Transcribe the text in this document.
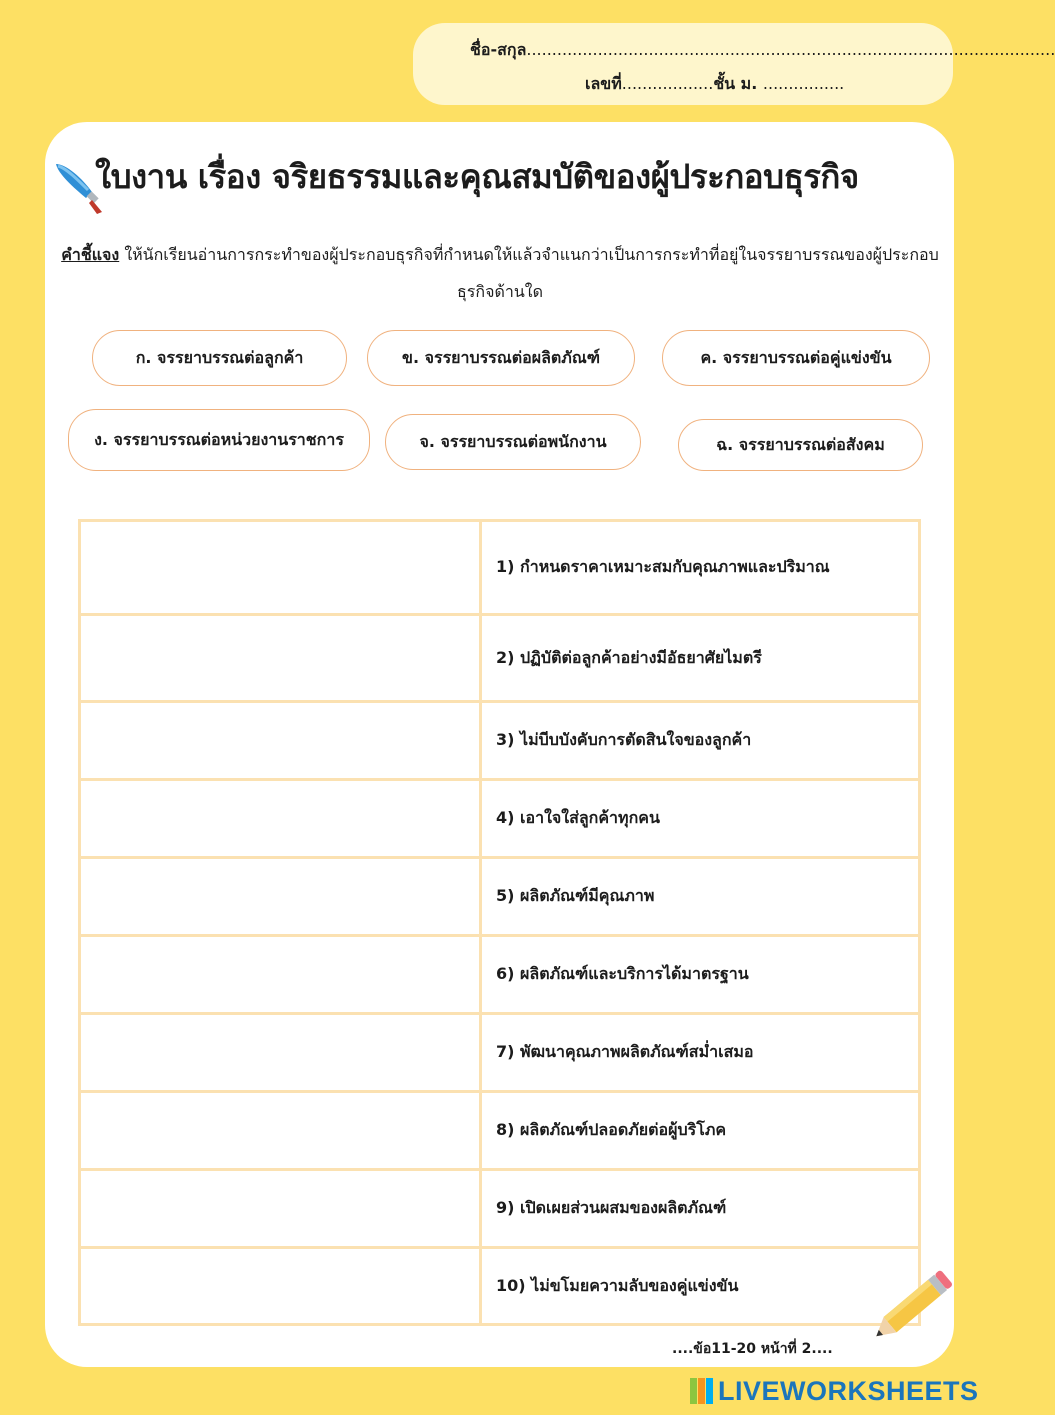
ชื่อ-สกุล........................................................................................................
เลขที่..................ชั้น ม. ................
ใบงาน เรื่อง จริยธรรมและคุณสมบัติของผู้ประกอบธุรกิจ
คำชี้แจง ให้นักเรียนอ่านการกระทำของผู้ประกอบธุรกิจที่กำหนดให้แล้วจำแนกว่าเป็นการกระทำที่อยู่ในจรรยาบรรณของผู้ประกอบธุรกิจด้านใด
ก. จรรยาบรรณต่อลูกค้า	ข. จรรยาบรรณต่อผลิตภัณฑ์	ค. จรรยาบรรณต่อคู่แข่งขัน
ง. จรรยาบรรณต่อหน่วยงานราชการ	จ. จรรยาบรรณต่อพนักงาน	ฉ. จรรยาบรรณต่อสังคม
	1) กำหนดราคาเหมาะสมกับคุณภาพและปริมาณ
	2) ปฏิบัติต่อลูกค้าอย่างมีอัธยาศัยไมตรี
	3) ไม่บีบบังคับการตัดสินใจของลูกค้า
	4) เอาใจใส่ลูกค้าทุกคน
	5) ผลิตภัณฑ์มีคุณภาพ
	6) ผลิตภัณฑ์และบริการได้มาตรฐาน
	7) พัฒนาคุณภาพผลิตภัณฑ์สม่ำเสมอ
	8) ผลิตภัณฑ์ปลอดภัยต่อผู้บริโภค
	9) เปิดเผยส่วนผสมของผลิตภัณฑ์
	10) ไม่ขโมยความลับของคู่แข่งขัน
....ข้อ11-20 หน้าที่ 2....
LIVEWORKSHEETS
